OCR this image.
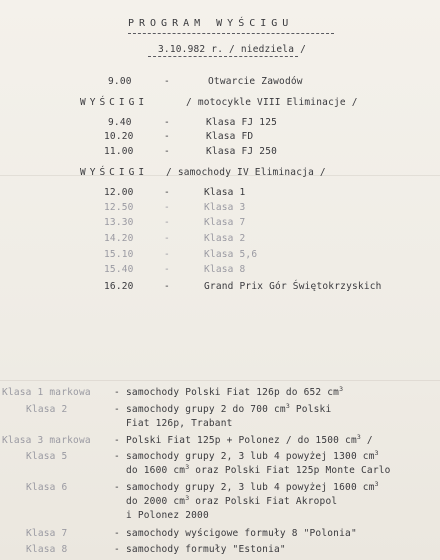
PROGRAM WYŚCIGU
3.10.982 r. / niedziela /
9.00	-	Otwarcie Zawodów
WYŚCIGI	/ motocykle VIII Eliminacje /
9.40	-	Klasa FJ 125
10.20	-	Klasa FD
11.00	-	Klasa FJ 250
WYŚCIGI / samochody IV Eliminacja /
12.00	-	Klasa 1
12.50	-	Klasa 3
13.30	-	Klasa 7
14.20	-	Klasa 2
15.10	-	Klasa 5,6
15.40	-	Klasa 8
16.20	-	Grand Prix Gór Świętokrzyskich
Klasa 1 markowa - samochody Polski Fiat 126p do 652 $cm^3$
Klasa 2	- samochody grupy 2 do 700 $cm^3$ Polski
Fiat 126p, Trabant
Klasa 3 markowa - Polski Fiat 125p + Polonez / do 1500 $cm^3$ /
Klasa 5	- samochody grupy 2, 3 lub 4 powyżej 1300 $cm^3$
do 1600 $cm^3$ oraz Polski Fiat 125p Monte Carlo
Klasa 6	- samochody grupy 2, 3 lub 4 powyżej 1600 $cm^3$
do 2000 $cm^3$ oraz Polski Fiat Akropol
i Polonez 2000
Klasa 7	- samochody wyścigowe formuły 8 "Polonia"
Klasa 8	- samochody formuły "Estonia"
